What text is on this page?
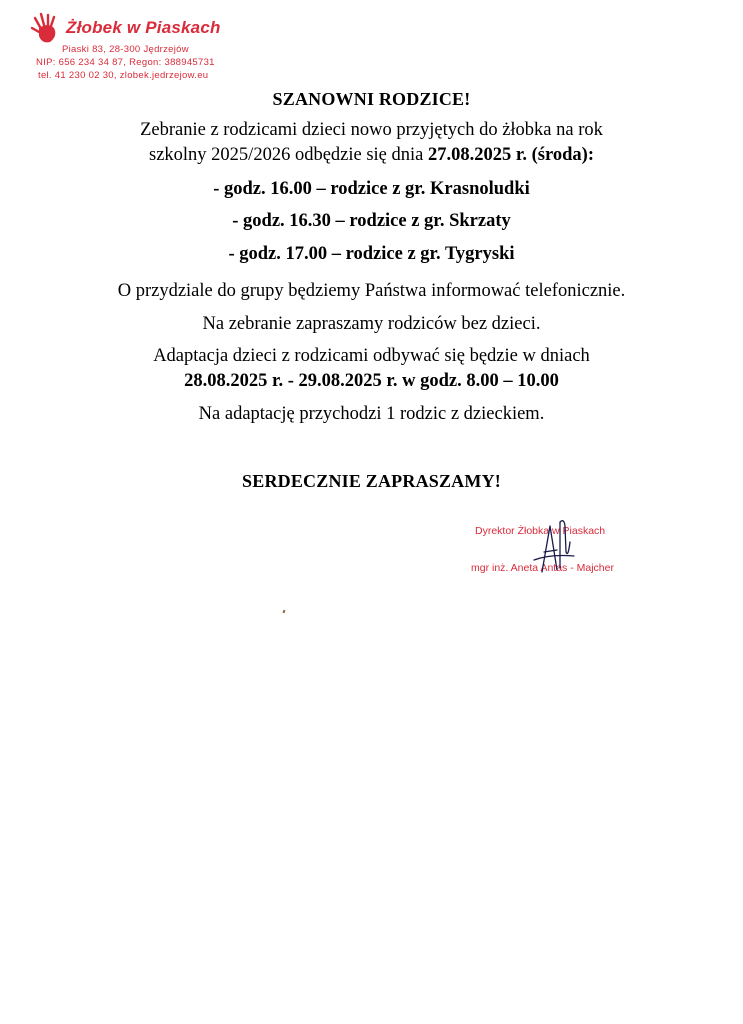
Żłobek w Piaskach
Piaski 83, 28-300 Jędrzejów
NIP: 656 234 34 87, Regon: 388945731
tel. 41 230 02 30, zlobek.jedrzejow.eu
SZANOWNI RODZICE!
Zebranie z rodzicami dzieci nowo przyjętych do żłobka na rok
szkolny 2025/2026 odbędzie się dnia 27.08.2025 r. (środa):
- godz. 16.00 – rodzice z gr. Krasnoludki
- godz. 16.30 – rodzice z gr. Skrzaty
- godz. 17.00 – rodzice z gr. Tygryski
O przydziale do grupy będziemy Państwa informować telefonicznie.
Na zebranie zapraszamy rodziców bez dzieci.
Adaptacja dzieci z rodzicami odbywać się będzie w dniach
28.08.2025 r. - 29.08.2025 r. w godz. 8.00 – 10.00
Na adaptację przychodzi 1 rodzic z dzieckiem.
SERDECZNIE ZAPRASZAMY!
Dyrektor Żłobka w Piaskach
mgr inż. Aneta Antas - Majcher
